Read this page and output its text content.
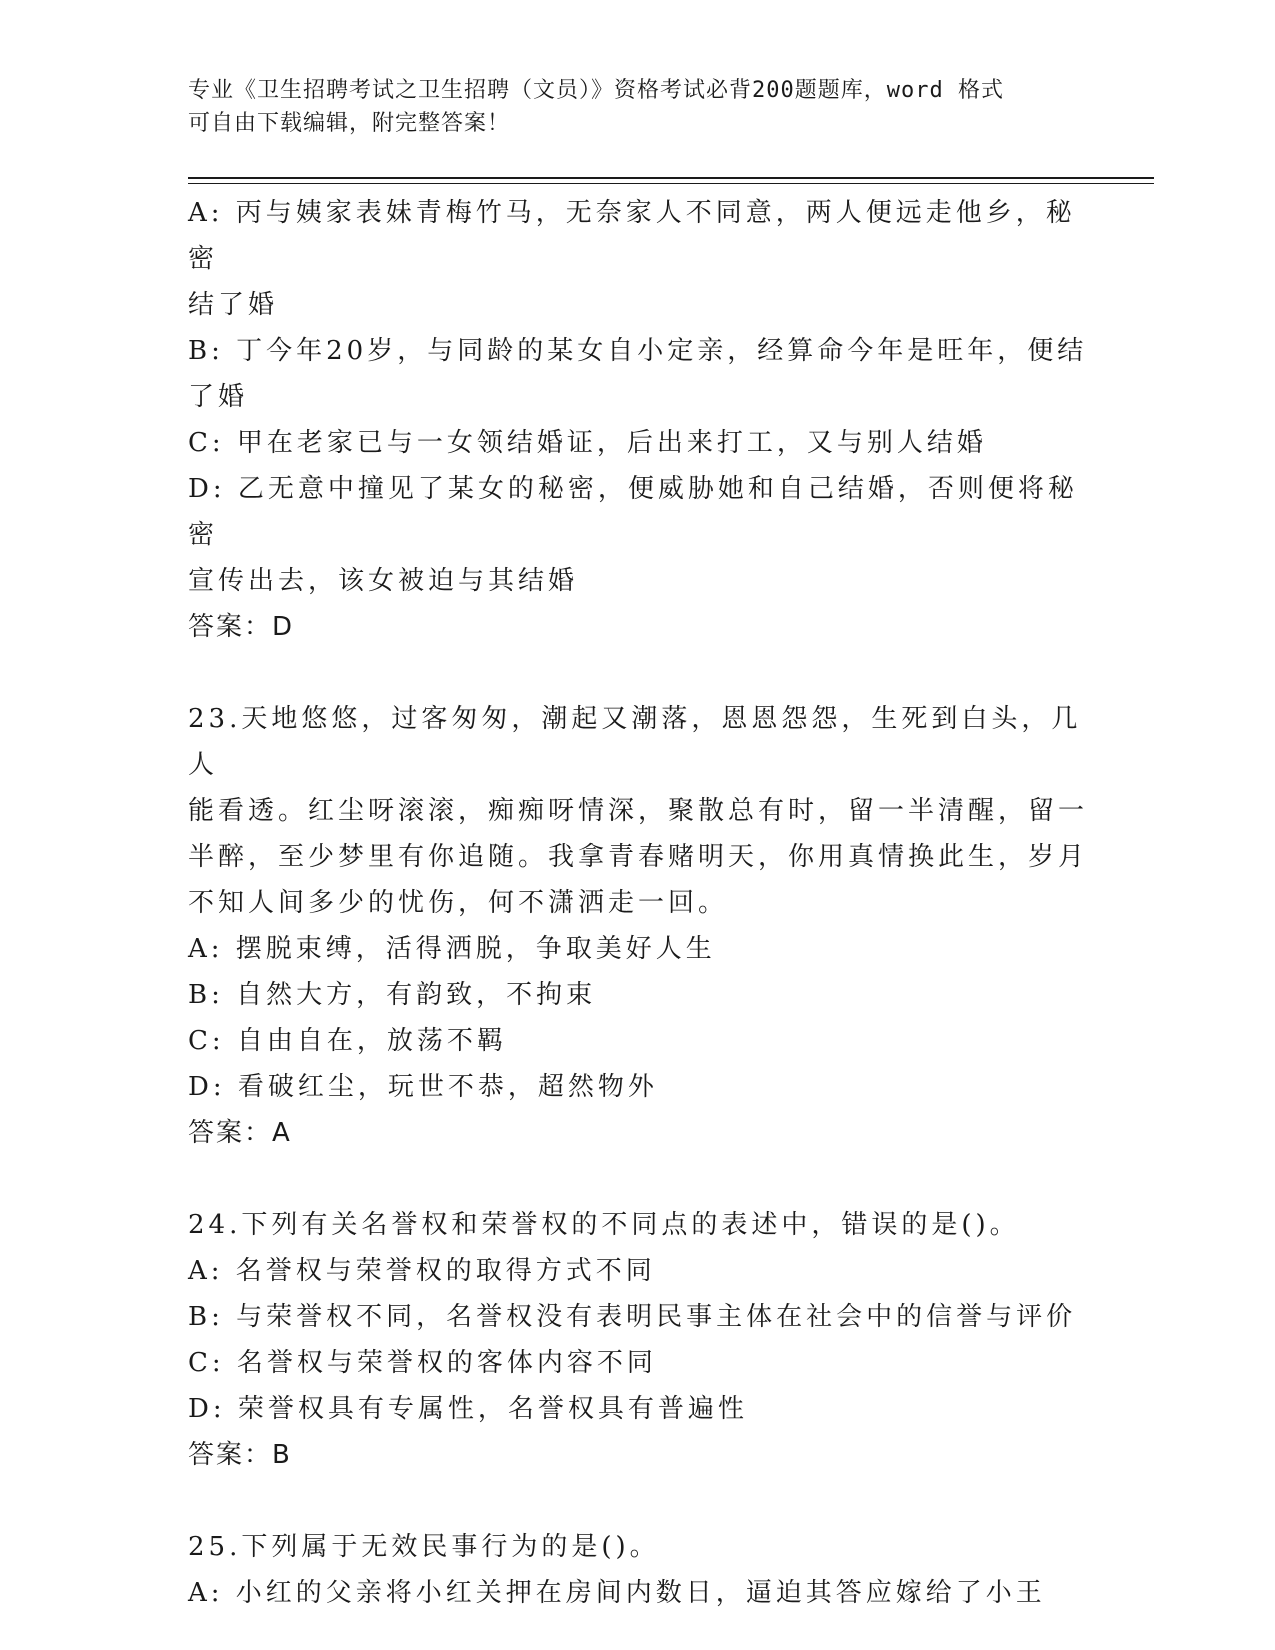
专业《卫生招聘考试之卫生招聘（文员）》资格考试必背200题题库，word 格式
可自由下载编辑，附完整答案！

A: 丙与姨家表妹青梅竹马，无奈家人不同意，两人便远走他乡，秘密

结了婚

B: 丁今年20岁，与同龄的某女自小定亲，经算命今年是旺年，便结

了婚

C: 甲在老家已与一女领结婚证，后出来打工，又与别人结婚

D: 乙无意中撞见了某女的秘密，便威胁她和自己结婚，否则便将秘密

宣传出去，该女被迫与其结婚

答案：D

23.天地悠悠，过客匆匆，潮起又潮落，恩恩怨怨，生死到白头，几人

能看透。红尘呀滚滚，痴痴呀情深，聚散总有时，留一半清醒，留一

半醉，至少梦里有你追随。我拿青春赌明天，你用真情换此生，岁月

不知人间多少的忧伤，何不潇洒走一回。

A: 摆脱束缚，活得洒脱，争取美好人生

B: 自然大方，有韵致，不拘束

C: 自由自在，放荡不羁

D: 看破红尘，玩世不恭，超然物外

答案：A

24.下列有关名誉权和荣誉权的不同点的表述中，错误的是()。

A: 名誉权与荣誉权的取得方式不同

B: 与荣誉权不同，名誉权没有表明民事主体在社会中的信誉与评价

C: 名誉权与荣誉权的客体内容不同

D: 荣誉权具有专属性，名誉权具有普遍性

答案：B

25.下列属于无效民事行为的是()。

A: 小红的父亲将小红关押在房间内数日，逼迫其答应嫁给了小王
